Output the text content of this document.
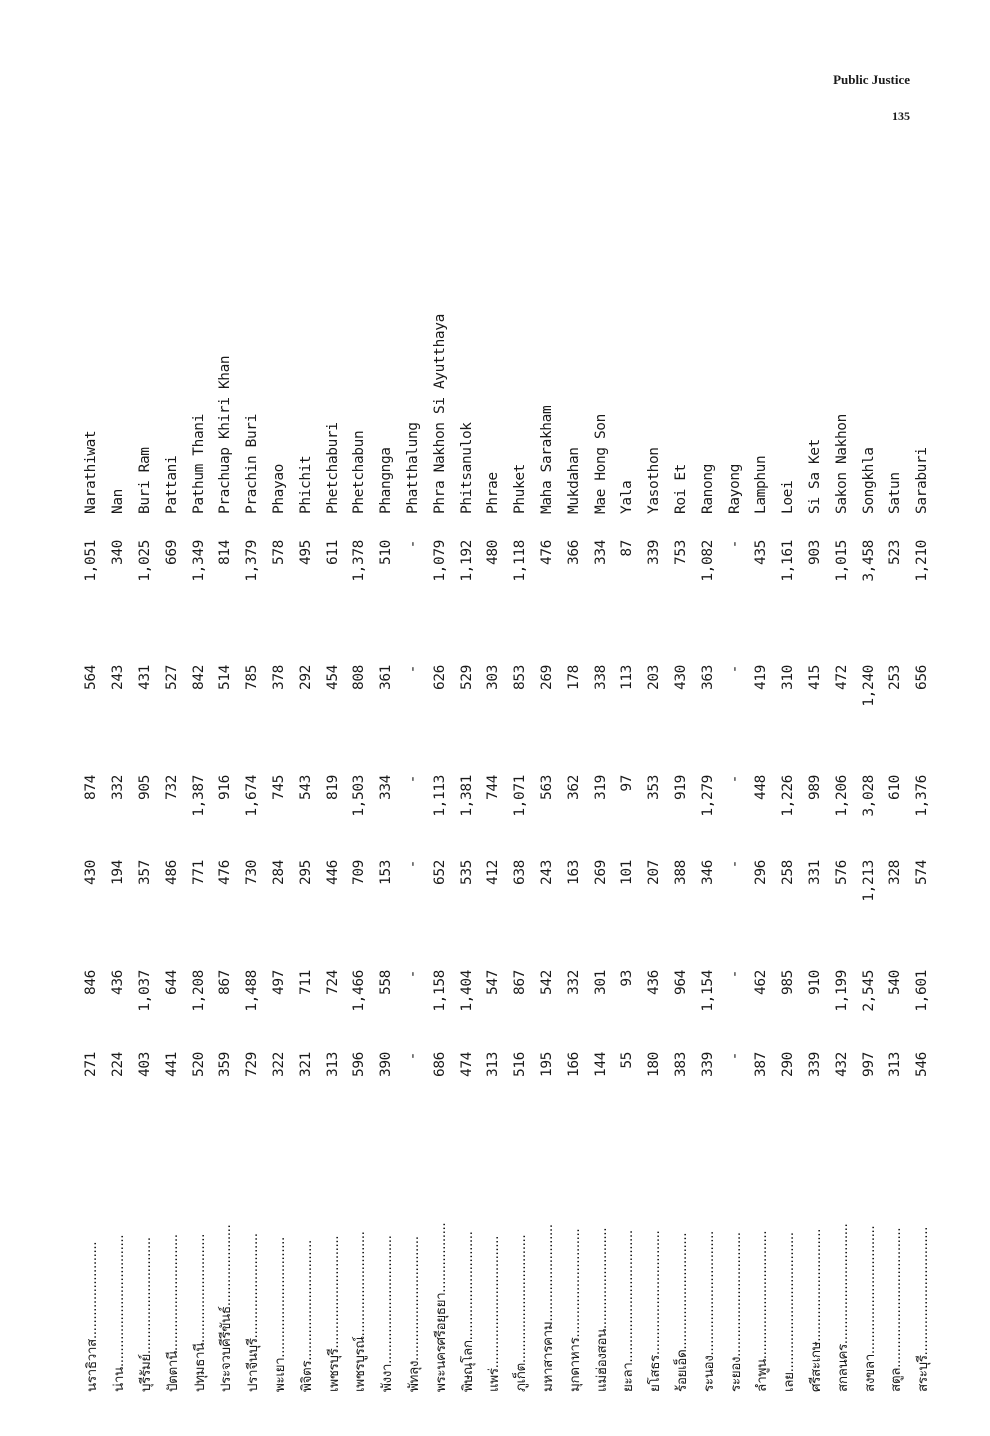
Public Justice
135
นราธิวาส.........................
271
846
430
874
564
1,051
Narathiwat
น่าน..................................
224
436
194
332
243
340
Nan
บุรีรัมย์..............................
403
1,037
357
905
431
1,025
Buri Ram
ปัตตานี..............................
441
644
486
732
527
669
Pattani
ปทุมธานี............................
520
1,208
771
1,387
842
1,349
Pathum Thani
ประจวบคีรีขันธ์.....................
359
867
476
916
514
814
Prachuap Khiri Khan
ปราจีนบุรี...........................
729
1,488
730
1,674
785
1,379
Prachin Buri
พะเยา...............................
322
497
284
745
378
578
Phayao
พิจิตร...............................
321
711
295
543
292
495
Phichit
เพชรบุรี.............................
313
724
446
819
454
611
Phetchaburi
เพชรบูรณ์...........................
596
1,466
709
1,503
808
1,378
Phetchabun
พังงา.................................
390
558
153
334
361
510
Phangnga
พัทลุง................................
-
-
-
-
-
-
Phatthalung
พระนครศรีอยุธยา..................
686
1,158
652
1,113
626
1,079
Phra Nakhon Si Ayutthaya
พิษณุโลก............................
474
1,404
535
1,381
529
1,192
Phitsanulok
แพร่..................................
313
547
412
744
303
480
Phrae
ภูเก็ต.................................
516
867
638
1,071
853
1,118
Phuket
มหาสารคาม.........................
195
542
243
563
269
476
Maha Sarakham
มุกดาหาร............................
166
332
163
362
178
366
Mukdahan
แม่ฮ่องสอน..........................
144
301
269
319
338
334
Mae Hong Son
ยะลา..................................
55
93
101
97
113
87
Yala
ยโสธร................................
180
436
207
353
203
339
Yasothon
ร้อยเอ็ด..............................
383
964
388
919
430
753
Roi Et
ระนอง................................
339
1,154
346
1,279
363
1,082
Ranong
ระยอง................................
-
-
-
-
-
-
Rayong
ลำพูน.................................
387
462
296
448
419
435
Lamphun
เลย....................................
290
985
258
1,226
310
1,161
Loei
ศรีสะเกษ.............................
339
910
331
989
415
903
Si Sa Ket
สกลนคร...............................
432
1,199
576
1,206
472
1,015
Sakon Nakhon
สงขลา.................................
997
2,545
1,213
3,028
1,240
3,458
Songkhla
สตูล....................................
313
540
328
610
253
523
Satun
สระบุรี.................................
546
1,601
574
1,376
656
1,210
Saraburi
